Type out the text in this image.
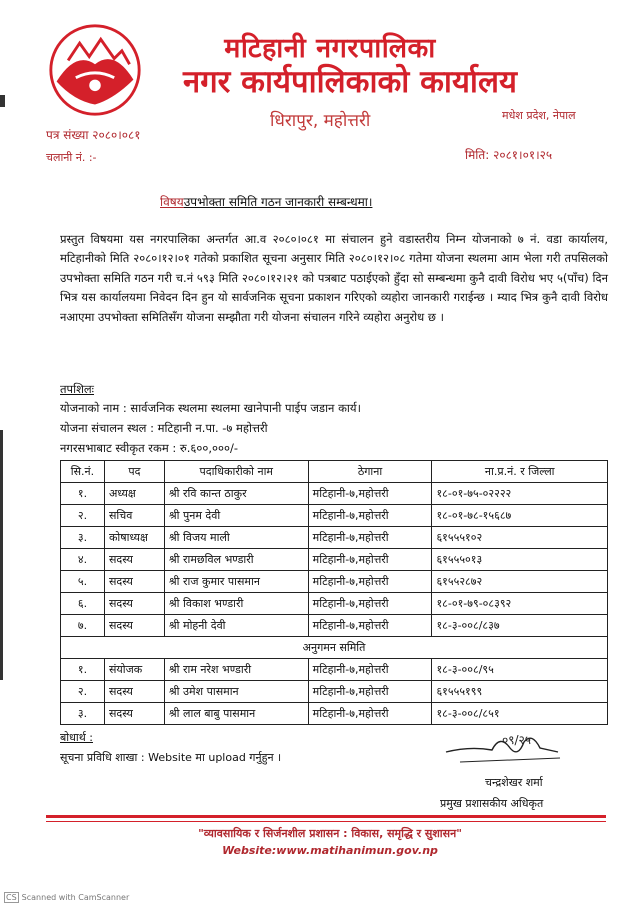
मटिहानी नगरपालिका
नगर कार्यपालिकाको कार्यालय
धिरापुर, महोत्तरी	मधेश प्रदेश, नेपाल
पत्र संख्या २०८०।०८१
चलानी नं. :-	मिति: २०८१।०१।२५
विषयउपभोक्ता समिति गठन जानकारी सम्बन्धमा।
प्रस्तुत विषयमा यस नगरपालिका अन्तर्गत आ.व २०८०।०८१ मा संचालन हुने वडास्तरीय निम्न योजनाको ७ नं. वडा कार्यालय, मटिहानीको मिति २०८०।१२।०१ गतेको प्रकाशित सूचना अनुसार मिति २०८०।१२।०८ गतेमा योजना स्थलमा आम भेला गरी तपसिलको उपभोक्ता समिति गठन गरी च.नं ५९३ मिति २०८०।१२।२१ को पत्रबाट पठाईएको हुँदा सो सम्बन्धमा कुनै दावी विरोध भए ५(पाँच) दिन भित्र यस कार्यालयमा निवेदन दिन हुन यो सार्वजनिक सूचना प्रकाशन गरिएको व्यहोरा जानकारी गराईन्छ । म्याद भित्र कुनै दावी विरोध नआएमा उपभोक्ता समितिसँग योजना सम्झौता गरी योजना संचालन गरिने व्यहोरा अनुरोध छ ।
तपशिलः
योजनाको नाम : सार्वजनिक स्थलमा स्थलमा खानेपानी पाईप जडान कार्य।
योजना संचालन स्थल : मटिहानी न.पा. -७ महोत्तरी
नगरसभाबाट स्वीकृत रकम : रु.६००,०००/-
सि.नं.	पद	पदाधिकारीको नाम	ठेगाना	ना.प्र.नं. र जिल्ला
१.	अध्यक्ष	श्री रवि कान्त ठाकुर	मटिहानी-७,महोत्तरी	१८-०१-७५-०२२२२
२.	सचिव	श्री पुनम देवी	मटिहानी-७,महोत्तरी	१८-०१-७८-१५६८७
३.	कोषाध्यक्ष	श्री विजय माली	मटिहानी-७,महोत्तरी	६१५५५१०२
४.	सदस्य	श्री रामछविल भण्डारी	मटिहानी-७,महोत्तरी	६१५५५०१३
५.	सदस्य	श्री राज कुमार पासमान	मटिहानी-७,महोत्तरी	६१५५२८७२
६.	सदस्य	श्री विकाश भण्डारी	मटिहानी-७,महोत्तरी	१८-०१-७९-०८३९२
७.	सदस्य	श्री मोहनी देवी	मटिहानी-७,महोत्तरी	१८-३-००८/८३७
अनुगमन समिति				
१.	संयोजक	श्री राम नरेश भण्डारी	मटिहानी-७,महोत्तरी	१८-३-००८/९५
२.	सदस्य	श्री उमेश पासमान	मटिहानी-७,महोत्तरी	६१५५५१९९
३.	सदस्य	श्री लाल बाबु पासमान	मटिहानी-७,महोत्तरी	१८-३-००८/८५१
बोधार्थ :
सूचना प्रविधि शाखा : Website मा upload गर्नुहुन ।
०९/२५
चन्द्रशेखर शर्मा
प्रमुख प्रशासकीय अधिकृत
"व्यावसायिक र सिर्जनशील प्रशासन : विकास, समृद्धि र सुशासन"
Website:www.matihanimun.gov.np
CS Scanned with CamScanner
